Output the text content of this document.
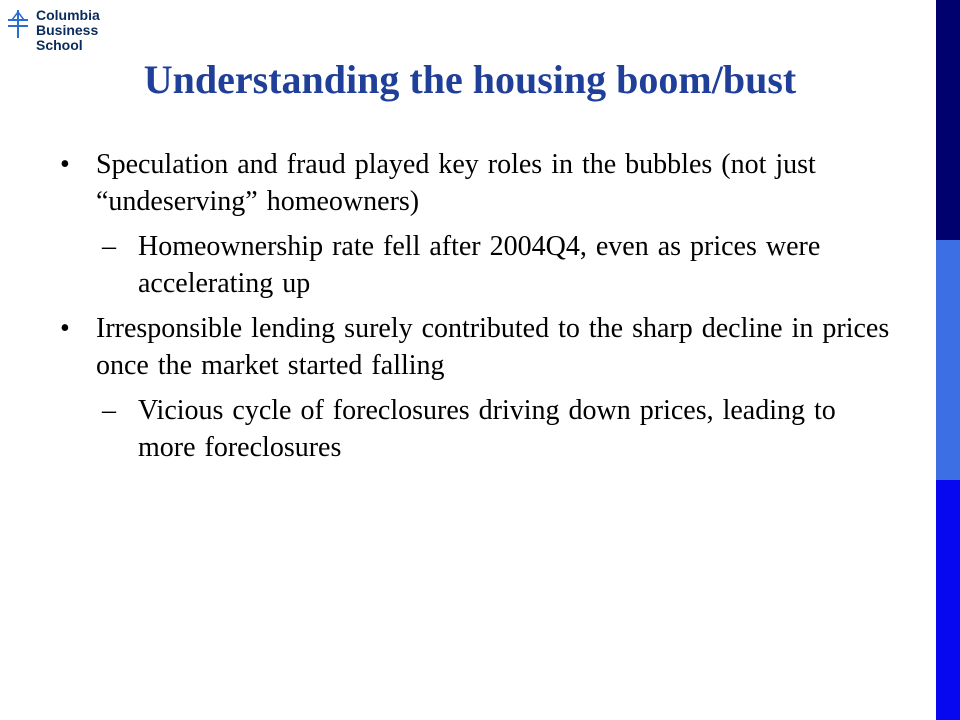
Columbia
Business
School
Understanding the housing boom/bust
• Speculation and fraud played key roles in the bubbles (not just “undeserving” homeowners)
– Homeownership rate fell after 2004Q4, even as prices were accelerating up
• Irresponsible lending surely contributed to the sharp decline in prices once the market started falling
– Vicious cycle of foreclosures driving down prices, leading to more foreclosures
